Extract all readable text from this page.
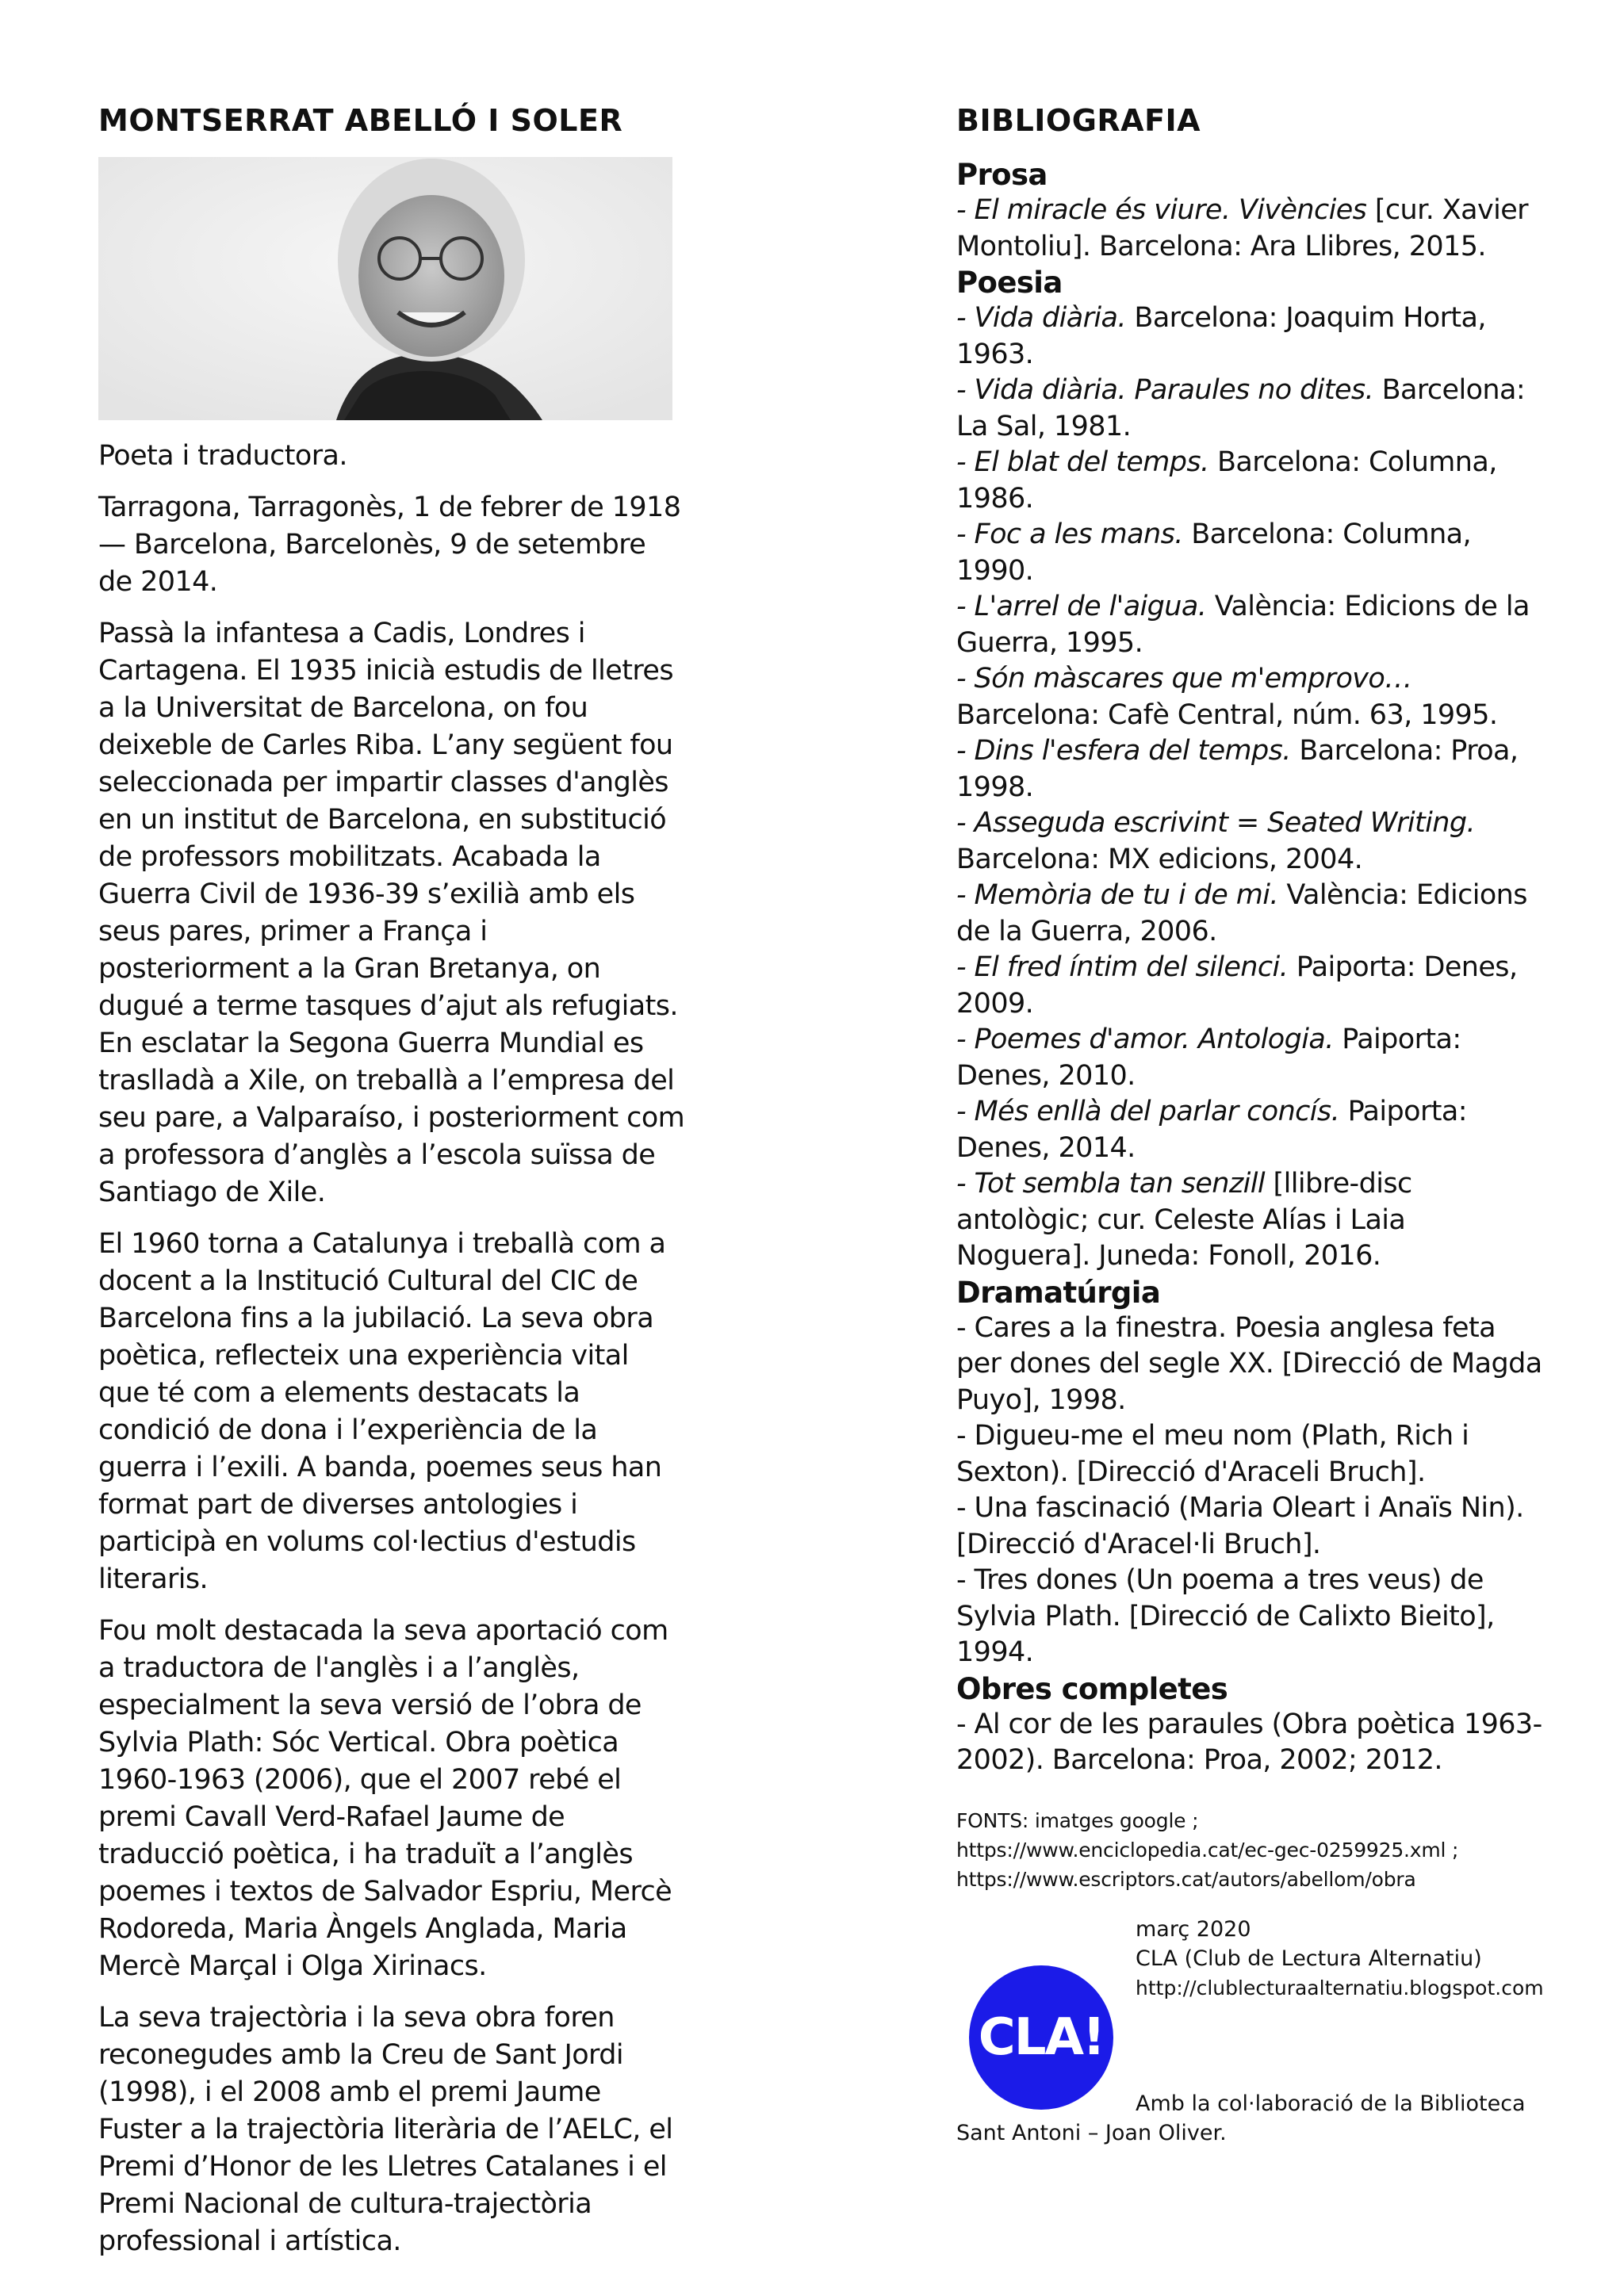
MONTSERRAT ABELLÓ I SOLER

Poeta i traductora.

Tarragona, Tarragonès, 1 de febrer de 1918 — Barcelona, Barcelonès, 9 de setembre de 2014.

Passà la infantesa a Cadis, Londres i Cartagena. El 1935 inicià estudis de lletres a la Universitat de Barcelona, on fou deixeble de Carles Riba. L’any següent fou seleccionada per impartir classes d'anglès en un institut de Barcelona, en substitució de professors mobilitzats. Acabada la Guerra Civil de 1936-39 s’exilià amb els seus pares, primer a França i posteriorment a la Gran Bretanya, on dugué a terme tasques d’ajut als refugiats. En esclatar la Segona Guerra Mundial es traslladà a Xile, on treballà a l’empresa del seu pare, a Valparaíso, i posteriorment com a professora d’anglès a l’escola suïssa de Santiago de Xile.

El 1960 torna a Catalunya i treballà com a docent a la Institució Cultural del CIC de Barcelona fins a la jubilació. La seva obra poètica, reflecteix una experiència vital que té com a elements destacats la condició de dona i l’experiència de la guerra i l’exili. A banda, poemes seus han format part de diverses antologies i participà en volums col·lectius d'estudis literaris.

Fou molt destacada la seva aportació com a traductora de l'anglès i a l’anglès, especialment la seva versió de l’obra de Sylvia Plath: Sóc Vertical. Obra poètica 1960-1963 (2006), que el 2007 rebé el premi Cavall Verd-Rafael Jaume de traducció poètica, i ha traduït a l’anglès poemes i textos de Salvador Espriu, Mercè Rodoreda, Maria Àngels Anglada, Maria Mercè Marçal i Olga Xirinacs.

La seva trajectòria i la seva obra foren reconegudes amb la Creu de Sant Jordi (1998), i el 2008 amb el premi Jaume Fuster a la trajectòria literària de l’AELC, el Premi d’Honor de les Lletres Catalanes i el Premi Nacional de cultura-trajectòria professional i artística.

BIBLIOGRAFIA
Prosa
- El miracle és viure. Vivències [cur. Xavier Montoliu]. Barcelona: Ara Llibres, 2015.
Poesia
- Vida diària. Barcelona: Joaquim Horta, 1963.
- Vida diària. Paraules no dites. Barcelona: La Sal, 1981.
- El blat del temps. Barcelona: Columna, 1986.
- Foc a les mans. Barcelona: Columna, 1990.
- L'arrel de l'aigua. València: Edicions de la Guerra, 1995.
- Són màscares que m'emprovo… Barcelona: Cafè Central, núm. 63, 1995.
- Dins l'esfera del temps. Barcelona: Proa, 1998.
- Asseguda escrivint = Seated Writing. Barcelona: MX edicions, 2004.
- Memòria de tu i de mi. València: Edicions de la Guerra, 2006.
- El fred íntim del silenci. Paiporta: Denes, 2009.
- Poemes d'amor. Antologia. Paiporta: Denes, 2010.
- Més enllà del parlar concís. Paiporta: Denes, 2014.
- Tot sembla tan senzill [llibre-disc antològic; cur. Celeste Alías i Laia Noguera]. Juneda: Fonoll, 2016.
Dramatúrgia
- Cares a la finestra. Poesia anglesa feta per dones del segle XX. [Direcció de Magda Puyo], 1998.
- Digueu-me el meu nom (Plath, Rich i Sexton). [Direcció d'Araceli Bruch].
- Una fascinació (Maria Oleart i Anaïs Nin). [Direcció d'Aracel·li Bruch].
- Tres dones (Un poema a tres veus) de Sylvia Plath. [Direcció de Calixto Bieito], 1994.
Obres completes
- Al cor de les paraules (Obra poètica 1963-2002). Barcelona: Proa, 2002; 2012.
FONTS: imatges google ;
https://www.enciclopedia.cat/ec-gec-0259925.xml ;
https://www.escriptors.cat/autors/abellom/obra
CLA!
març 2020
CLA (Club de Lectura Alternatiu)
http://clublecturaalternatiu.blogspot.com
Amb la col·laboració de la Biblioteca
Sant Antoni – Joan Oliver.
